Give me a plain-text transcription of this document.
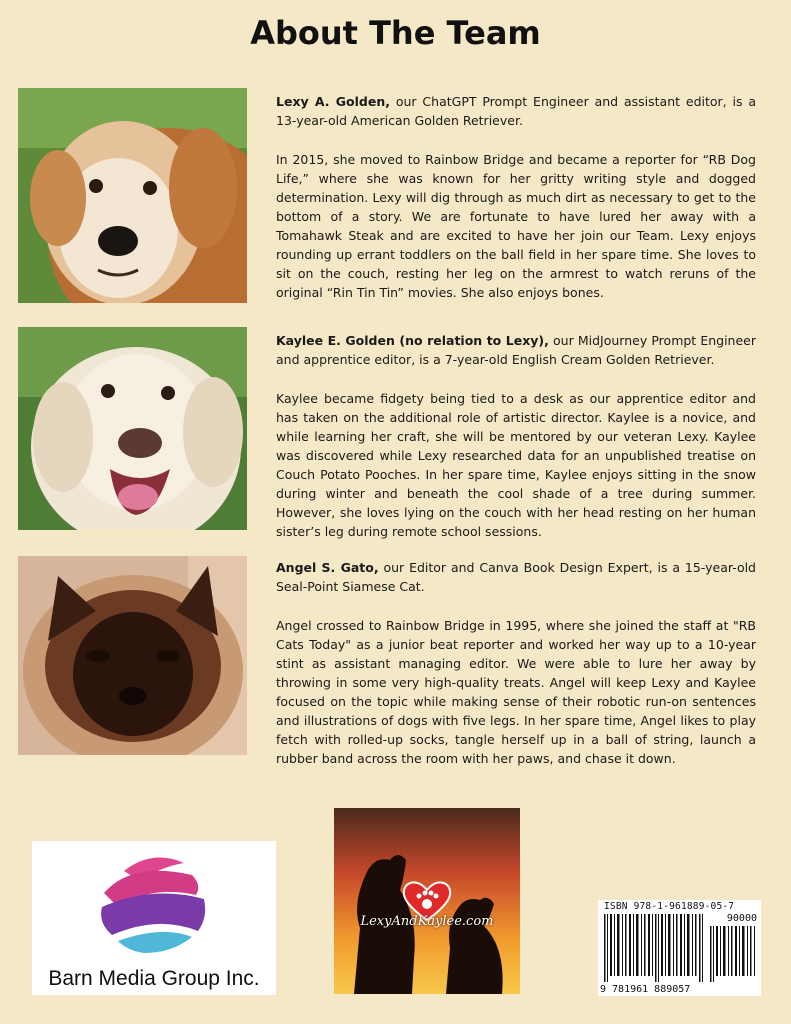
About The Team

Lexy A. Golden, our ChatGPT Prompt Engineer and assistant editor, is a 13-year-old American Golden Retriever.

In 2015, she moved to Rainbow Bridge and became a reporter for “RB Dog Life,” where she was known for her gritty writing style and dogged determination. Lexy will dig through as much dirt as necessary to get to the bottom of a story. We are fortunate to have lured her away with a Tomahawk Steak and are excited to have her join our Team. Lexy enjoys rounding up errant toddlers on the ball field in her spare time. She loves to sit on the couch, resting her leg on the armrest to watch reruns of the original “Rin Tin Tin” movies. She also enjoys bones.

Kaylee E. Golden (no relation to Lexy), our MidJourney Prompt Engineer and apprentice editor, is a 7-year-old English Cream Golden Retriever.

Kaylee became fidgety being tied to a desk as our apprentice editor and has taken on the additional role of artistic director. Kaylee is a novice, and while learning her craft, she will be mentored by our veteran Lexy. Kaylee was discovered while Lexy researched data for an unpublished treatise on Couch Potato Pooches. In her spare time, Kaylee enjoys sitting in the snow during winter and beneath the cool shade of a tree during summer. However, she loves lying on the couch with her head resting on her human sister’s leg during remote school sessions.

Angel S. Gato, our Editor and Canva Book Design Expert, is a 15-year-old Seal-Point Siamese Cat.

Angel crossed to Rainbow Bridge in 1995, where she joined the staff at "RB Cats Today" as a junior beat reporter and worked her way up to a 10-year stint as assistant managing editor. We were able to lure her away by throwing in some very high-quality treats. Angel will keep Lexy and Kaylee focused on the topic while making sense of their robotic run-on sentences and illustrations of dogs with five legs. In her spare time, Angel likes to play fetch with rolled-up socks, tangle herself up in a ball of string, launch a rubber band across the room with her paws, and chase it down.

Barn Media Group Inc.
LexyAndKaylee.com
ISBN 978-1-961889-05-7
90000
9 781961 889057
